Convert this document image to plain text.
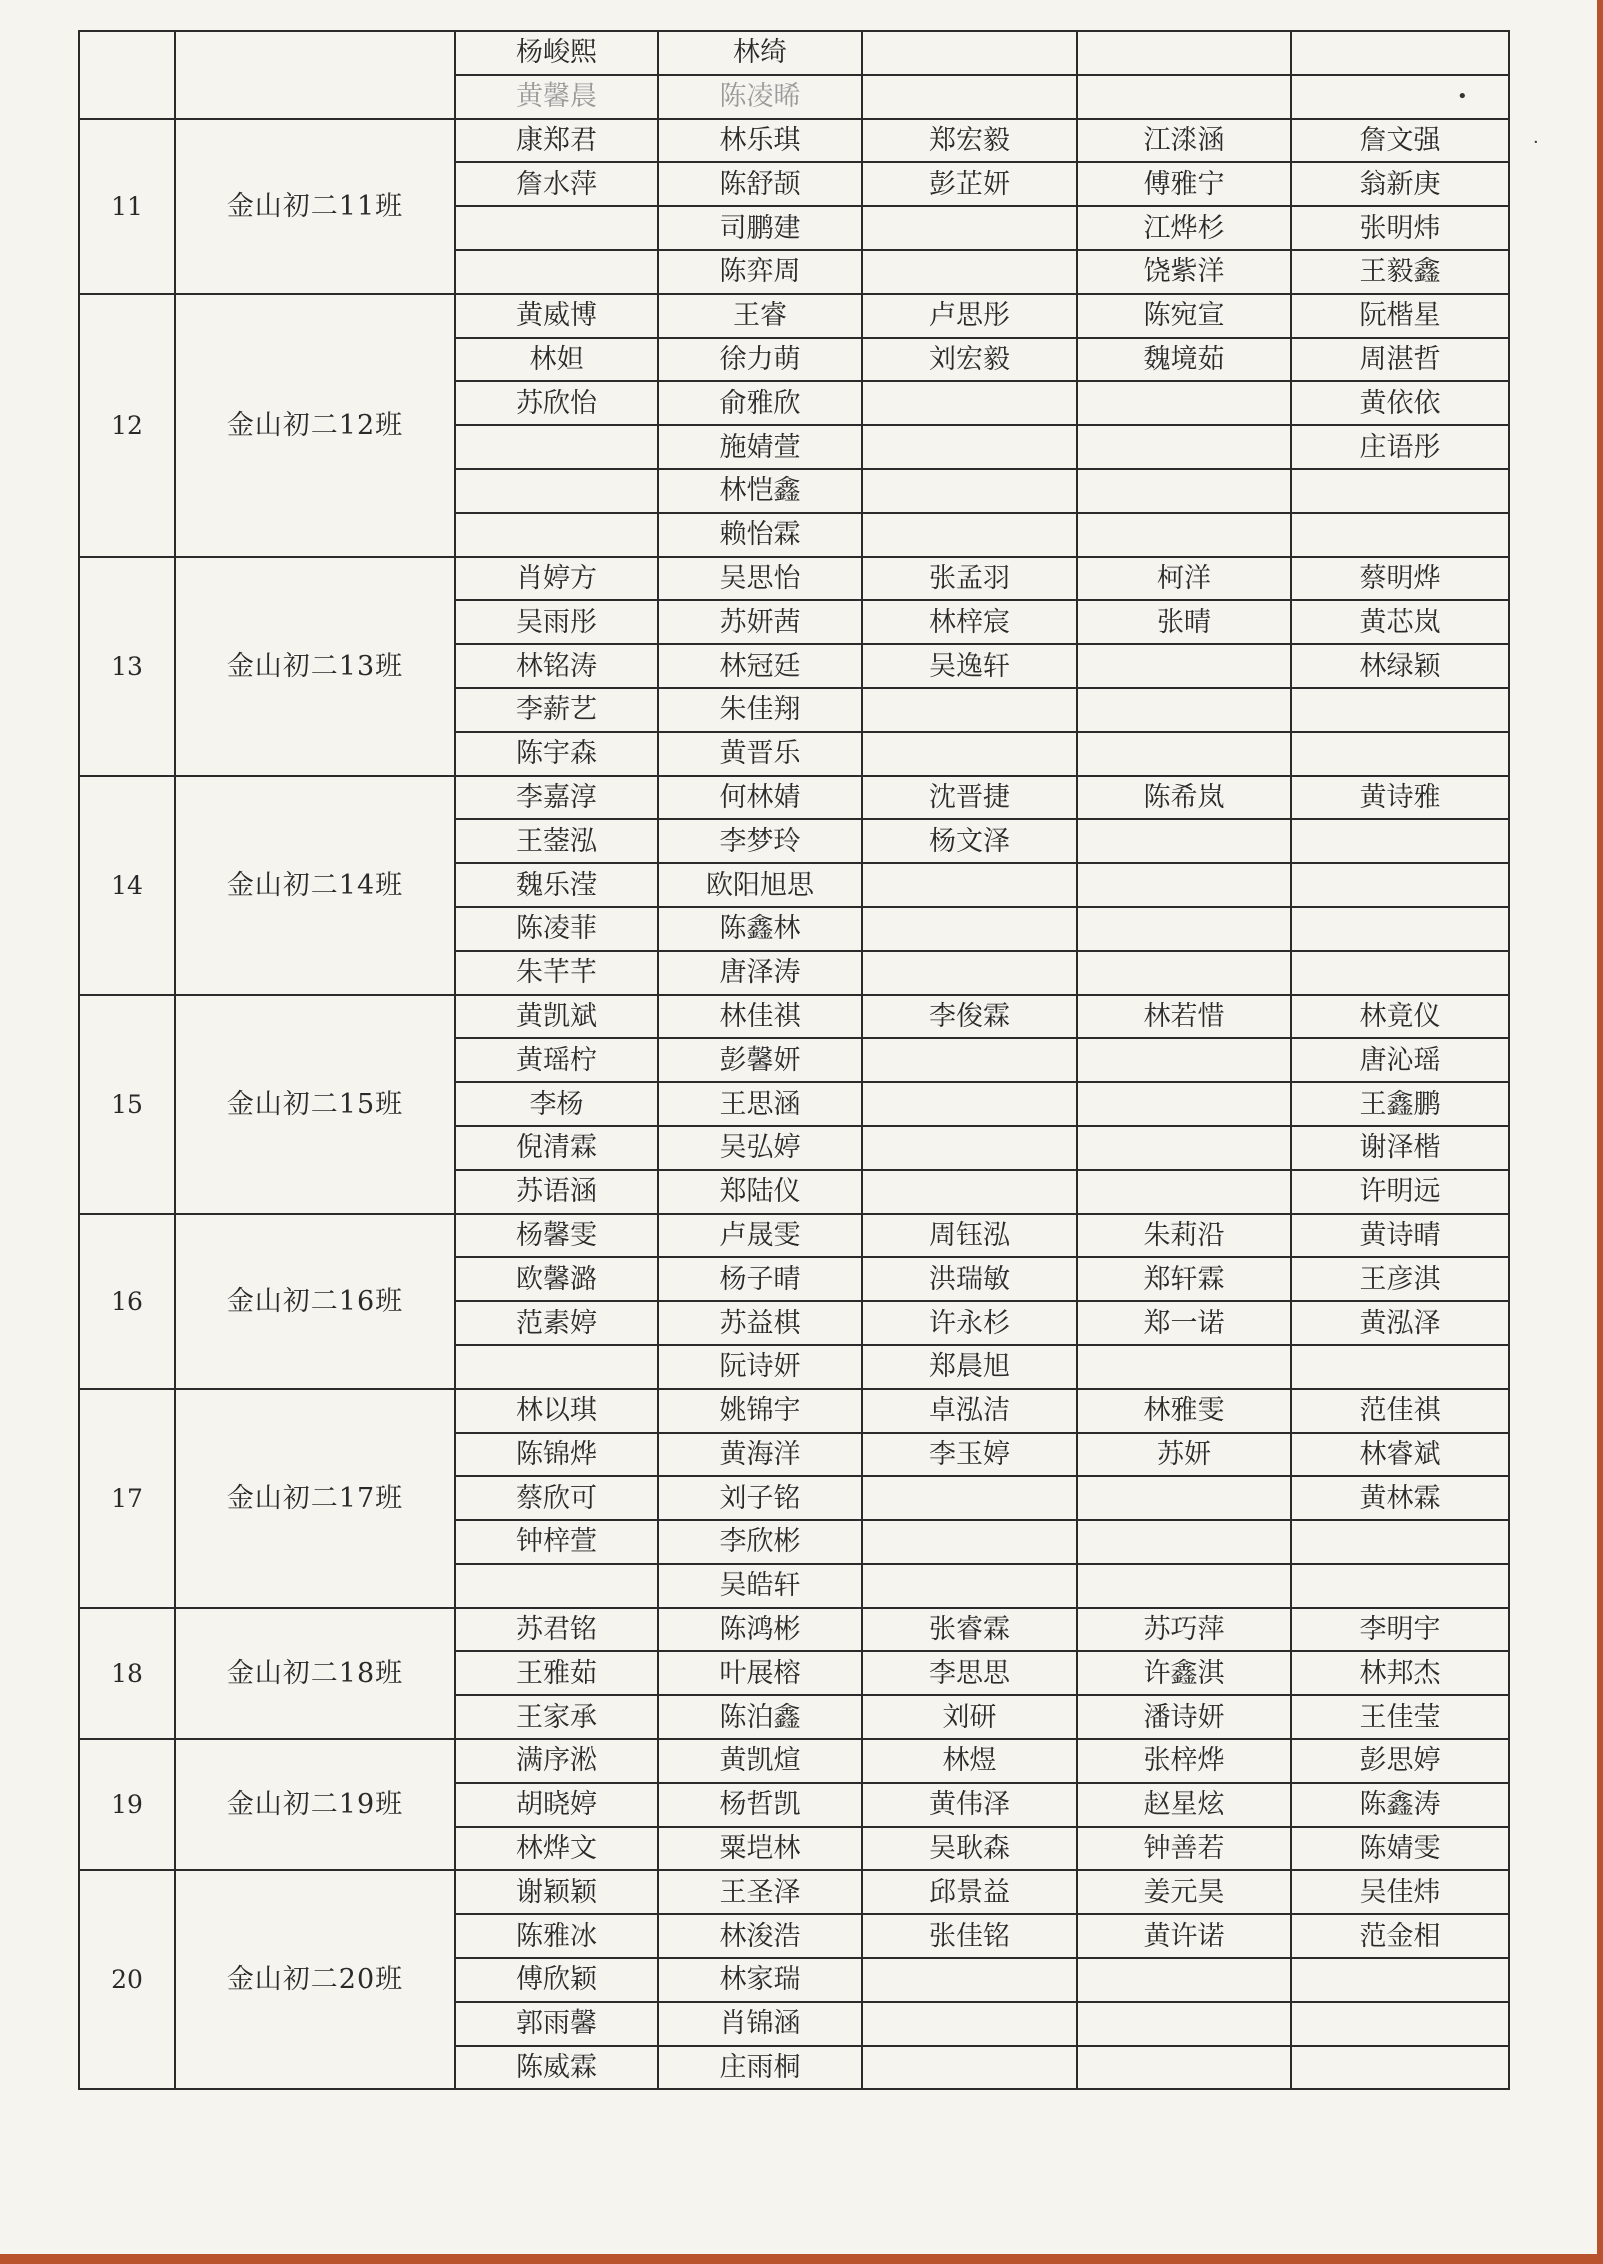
•
·
		杨峻熙	林绮			
		黄馨晨	陈凌晞			
11	金山初二11班	康郑君	林乐琪	郑宏毅	江渁涵	詹文强
		詹水萍	陈舒颉	彭芷妍	傅雅宁	翁新庚
			司鹏建		江烨杉	张明炜
			陈弈周		饶紫洋	王毅鑫
12	金山初二12班	黄威博	王睿	卢思彤	陈宛宣	阮楷星
		林妲	徐力萌	刘宏毅	魏境茹	周湛哲
		苏欣怡	俞雅欣			黄依依
			施婧萱			庄语彤
			林恺鑫			
			赖怡霖			
13	金山初二13班	肖婷方	吴思怡	张孟羽	柯洋	蔡明烨
		吴雨彤	苏妍茜	林梓宸	张晴	黄芯岚
		林铭涛	林冠廷	吴逸轩		林绿颖
		李薪艺	朱佳翔			
		陈宇森	黄晋乐			
14	金山初二14班	李嘉淳	何林婧	沈晋捷	陈希岚	黄诗雅
		王蓥泓	李梦玲	杨文泽		
		魏乐滢	欧阳旭思			
		陈凌菲	陈鑫林			
		朱芊芊	唐泽涛			
15	金山初二15班	黄凯斌	林佳祺	李俊霖	林若惜	林竟仪
		黄瑶柠	彭馨妍			唐沁瑶
		李杨	王思涵			王鑫鹏
		倪清霖	吴弘婷			谢泽楷
		苏语涵	郑陆仪			许明远
16	金山初二16班	杨馨雯	卢晟雯	周钰泓	朱莉沿	黄诗晴
		欧馨潞	杨子晴	洪瑞敏	郑轩霖	王彦淇
		范素婷	苏益棋	许永杉	郑一诺	黄泓泽
			阮诗妍	郑晨旭		
17	金山初二17班	林以琪	姚锦宇	卓泓洁	林雅雯	范佳祺
		陈锦烨	黄海洋	李玉婷	苏妍	林睿斌
		蔡欣可	刘子铭			黄林霖
		钟梓萱	李欣彬			
			吴皓轩			
18	金山初二18班	苏君铭	陈鸿彬	张睿霖	苏巧萍	李明宇
		王雅茹	叶展榕	李思思	许鑫淇	林邦杰
		王家承	陈泊鑫	刘研	潘诗妍	王佳莹
19	金山初二19班	满序淞	黄凯煊	林煜	张梓烨	彭思婷
		胡晓婷	杨哲凯	黄伟泽	赵星炫	陈鑫涛
		林烨文	粟垲林	吴耿森	钟善若	陈婧雯
20	金山初二20班	谢颖颖	王圣泽	邱景益	姜元昊	吴佳炜
		陈雅冰	林浚浩	张佳铭	黄许诺	范金相
		傅欣颖	林家瑞			
		郭雨馨	肖锦涵			
		陈威霖	庄雨桐			
